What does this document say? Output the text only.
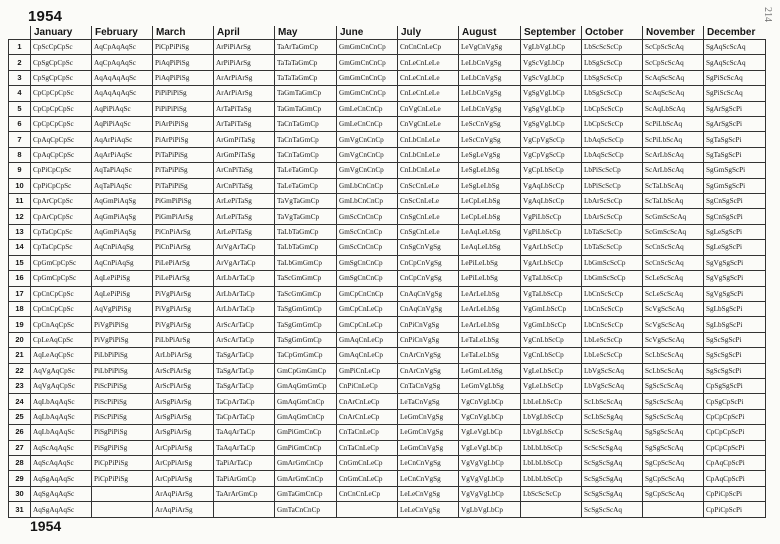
1954	214
	January	February	March	April	May	June	July	August	September	October	November	December
1	CpScCpCpSc	AqCpAqAqSc	PiCpPiPiSg	ArPiPiArSg	TaArTaGmCp	GmGmCnCnCp	CnCnCnLeCp	LeVgCnVgSg	VgLbVgLbCp	LbScScScCp	ScCpScScAq	SgAqScScAq
2	CpSgCpCpSc	AqCpAqAqSc	PiAqPiPiSg	ArPiPiArSg	TaTaTaGmCp	GmGmCnCnCp	CnLeCnLeLe	LeLbCnVgSg	VgScVgLbCp	LbSgScScCp	ScCpScScAq	SgAqScScAq
3	CpSgCpCpSc	AqAqAqAqSc	PiAqPiPiSg	ArArPiArSg	TaTaTaGmCp	GmGmCnCnCp	CnLeCnLeLe	LeLbCnVgSg	VgScVgLbCp	LbSgScScCp	ScAqScScAq	SgPiScScAq
4	CpCpCpCpSc	AqAqAqAqSc	PiPiPiPiSg	ArArPiArSg	TaGmTaGmCp	GmGmCnCnCp	CnLeCnLeLe	LeLbCnVgSg	VgSgVgLbCp	LbSgScScCp	ScAqScScAq	SgPiScScAq
5	CpCpCpCpSc	AqPiPiAqSc	PiPiPiPiSg	ArTaPiTaSg	TaGmTaGmCp	GmLeCnCnCp	CnVgCnLeLe	LeLbCnVgSg	VgSgVgLbCp	LbCpScScCp	ScAqLbScAq	SgArSgScPi
6	CpCpCpCpSc	AqPiPiAqSc	PiArPiPiSg	ArTaPiTaSg	TaCnTaGmCp	GmLeCnCnCp	CnVgCnLeLe	LeScCnVgSg	VgSgVgLbCp	LbCpScScCp	ScPiLbScAq	SgArSgScPi
7	CpAqCpCpSc	AqArPiAqSc	PiArPiPiSg	ArGmPiTaSg	TaCnTaGmCp	GmVgCnCnCp	CnLbCnLeLe	LeScCnVgSg	VgCpVgScCp	LbAqScScCp	ScPiLbScAq	SgTaSgScPi
8	CpAqCpCpSc	AqArPiAqSc	PiTaPiPiSg	ArGmPiTaSg	TaCnTaGmCp	GmVgCnCnCp	CnLbCnLeLe	LeSgLeVgSg	VgCpVgScCp	LbAqScScCp	ScArLbScAq	SgTaSgScPi
9	CpPiCpCpSc	AqTaPiAqSc	PiTaPiPiSg	ArCnPiTaSg	TaLeTaGmCp	GmVgCnCnCp	CnLbCnLeLe	LeSgLeLbSg	VgCpLbScCp	LbPiScScCp	ScArLbScAq	SgGmSgScPi
10	CpPiCpCpSc	AqTaPiAqSc	PiTaPiPiSg	ArCnPiTaSg	TaLeTaGmCp	GmLbCnCnCp	CnScCnLeLe	LeSgLeLbSg	VgAqLbScCp	LbPiScScCp	ScTaLbScAq	SgGmSgScPi
11	CpArCpCpSc	AqGmPiAqSg	PiGmPiPiSg	ArLePiTaSg	TaVgTaGmCp	GmLbCnCnCp	CnScCnLeLe	LeCpLeLbSg	VgAqLbScCp	LbArScScCp	ScTaLbScAq	SgCnSgScPi
12	CpArCpCpSc	AqGmPiAqSg	PiGmPiArSg	ArLePiTaSg	TaVgTaGmCp	GmScCnCnCp	CnSgCnLeLe	LeCpLeLbSg	VgPiLbScCp	LbArScScCp	ScGmScScAq	SgCnSgScPi
13	CpTaCpCpSc	AqGmPiAqSg	PiCnPiArSg	ArLePiTaSg	TaLbTaGmCp	GmScCnCnCp	CnSgCnLeLe	LeAqLeLbSg	VgPiLbScCp	LbTaScScCp	ScGmScScAq	SgLeSgScPi
14	CpTaCpCpSc	AqCnPiAqSg	PiCnPiArSg	ArVgArTaCp	TaLbTaGmCp	GmScCnCnCp	CnSgCnVgSg	LeAqLeLbSg	VgArLbScCp	LbTaScScCp	ScCnScScAq	SgLeSgScPi
15	CpGmCpCpSc	AqCnPiAqSg	PiLePiArSg	ArVgArTaCp	TaLbGmGmCp	GmSgCnCnCp	CnCpCnVgSg	LePiLeLbSg	VgArLbScCp	LbGmScScCp	ScCnScScAq	SgVgSgScPi
16	CpGmCpCpSc	AqLePiPiSg	PiLePiArSg	ArLbArTaCp	TaScGmGmCp	GmSgCnCnCp	CnCpCnVgSg	LePiLeLbSg	VgTaLbScCp	LbGmScScCp	ScLeScScAq	SgVgSgScPi
17	CpCnCpCpSc	AqLePiPiSg	PiVgPiArSg	ArLbArTaCp	TaScGmGmCp	GmCpCnCnCp	CnAqCnVgSg	LeArLeLbSg	VgTaLbScCp	LbCnScScCp	ScLeScScAq	SgVgSgScPi
18	CpCnCpCpSc	AqVgPiPiSg	PiVgPiArSg	ArLbArTaCp	TaSgGmGmCp	GmCpCnLeCp	CnAqCnVgSg	LeArLeLbSg	VgGmLbScCp	LbCnScScCp	ScVgScScAq	SgLbSgScPi
19	CpCnAqCpSc	PiVgPiPiSg	PiVgPiArSg	ArScArTaCp	TaSgGmGmCp	GmCpCnLeCp	CnPiCnVgSg	LeArLeLbSg	VgGmLbScCp	LbCnScScCp	ScVgScScAq	SgLbSgScPi
20	CpLeAqCpSc	PiVgPiPiSg	PiLbPiArSg	ArScArTaCp	TaSgGmGmCp	GmAqCnLeCp	CnPiCnVgSg	LeTaLeLbSg	VgCnLbScCp	LbLeScScCp	ScVgScScAq	SgScSgScPi
21	AqLeAqCpSc	PiLbPiPiSg	ArLbPiArSg	TaSgArTaCp	TaCpGmGmCp	GmAqCnLeCp	CnArCnVgSg	LeTaLeLbSg	VgCnLbScCp	LbLeScScCp	ScLbScScAq	SgScSgScPi
22	AqVgAqCpSc	PiLbPiPiSg	ArScPiArSg	TaSgArTaCp	GmCpGmGmCp	GmPiCnLeCp	CnArCnVgSg	LeGmLeLbSg	VgLeLbScCp	LbVgScScAq	ScLbScScAq	SgScSgScPi
23	AqVgAqCpSc	PiScPiPiSg	ArScPiArSg	TaSgArTaCp	GmAqGmGmCp	CnPiCnLeCp	CnTaCnVgSg	LeGmVgLbSg	VgLeLbScCp	LbVgScScAq	SgScScScAq	CpSgSgScPi
24	AqLbAqAqSc	PiScPiPiSg	ArSgPiArSg	TaCpArTaCp	GmAqGmCnCp	CnArCnLeCp	LeTaCnVgSg	VgCnVgLbCp	LbLeLbScCp	ScLbScScAq	SgScScScAq	CpSgCpScPi
25	AqLbAqAqSc	PiScPiPiSg	ArSgPiArSg	TaCpArTaCp	GmAqGmCnCp	CnArCnLeCp	LeGmCnVgSg	VgCnVgLbCp	LbVgLbScCp	ScLbScSgAq	SgScScScAq	CpCpCpScPi
26	AqLbAqAqSc	PiSgPiPiSg	ArSgPiArSg	TaAqArTaCp	GmPiGmCnCp	CnTaCnLeCp	LeGmCnVgSg	VgLeVgLbCp	LbVgLbScCp	ScScScSgAq	SgSgScScAq	CpCpCpScPi
27	AqScAqAqSc	PiSgPiPiSg	ArCpPiArSg	TaAqArTaCp	GmPiGmCnCp	CnTaCnLeCp	LeGmCnVgSg	VgLeVgLbCp	LbLbLbScCp	ScScScSgAq	SgSgScScAq	CpCpCpScPi
28	AqScAqAqSc	PiCpPiPiSg	ArCpPiArSg	TaPiArTaCp	GmArGmCnCp	CnGmCnLeCp	LeCnCnVgSg	VgVgVgLbCp	LbLbLbScCp	ScSgScSgAq	SgCpScScAq	CpAqCpScPi
29	AqSgAqAqSc	PiCpPiPiSg	ArCpPiArSg	TaPiArGmCp	GmArGmCnCp	CnGmCnLeCp	LeCnCnVgSg	VgVgVgLbCp	LbLbLbScCp	ScSgScSgAq	SgCpScScAq	CpAqCpScPi
30	AqSgAqAqSc		ArAqPiArSg	TaArArGmCp	GmTaGmCnCp	CnCnCnLeCp	LeLeCnVgSg	VgVgVgLbCp	LbScScScCp	ScSgScSgAq	SgCpScScAq	CpPiCpScPi
31	AqSgAqAqSc		ArAqPiArSg		GmTaCnCnCp		LeLeCnVgSg	VgLbVgLbCp		ScSgScScAq		CpPiCpScPi
1954
